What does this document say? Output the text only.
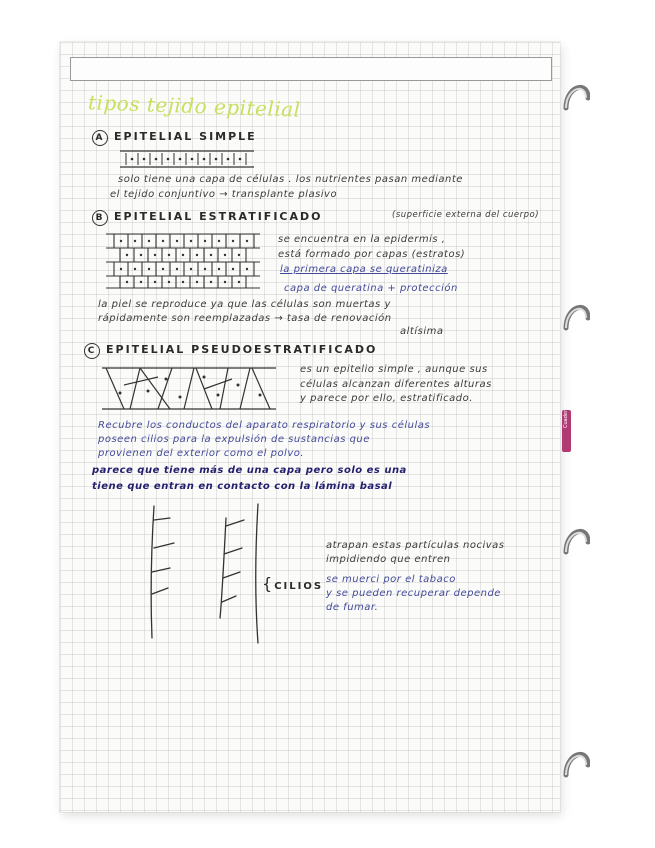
Cuadernos
tipos tejido epitelial
A EPITELIAL SIMPLE
solo tiene una capa de células . los nutrientes pasan mediante
el tejido conjuntivo → transplante plasivo
B EPITELIAL ESTRATIFICADO	(superficie externa del cuerpo)
se encuentra en la epidermis ,
está formado por capas (estratos)
la primera capa se queratiniza
capa de queratina + protección
la piel se reproduce ya que las células son muertas y
rápidamente son reemplazadas → tasa de renovación
altísima
C EPITELIAL PSEUDOESTRATIFICADO
es un epitelio simple , aunque sus
células alcanzan diferentes alturas
y parece por ello, estratificado.
Recubre los conductos del aparato respiratorio y sus células
poseen cilios para la expulsión de sustancias que
provienen del exterior como el polvo.
parece que tiene más de una capa pero solo es una
tiene que entran en contacto con la lámina basal
{CILIOS
atrapan estas partículas nocivas
impidiendo que entren
se muerci por el tabaco
y se pueden recuperar depende
de fumar.
